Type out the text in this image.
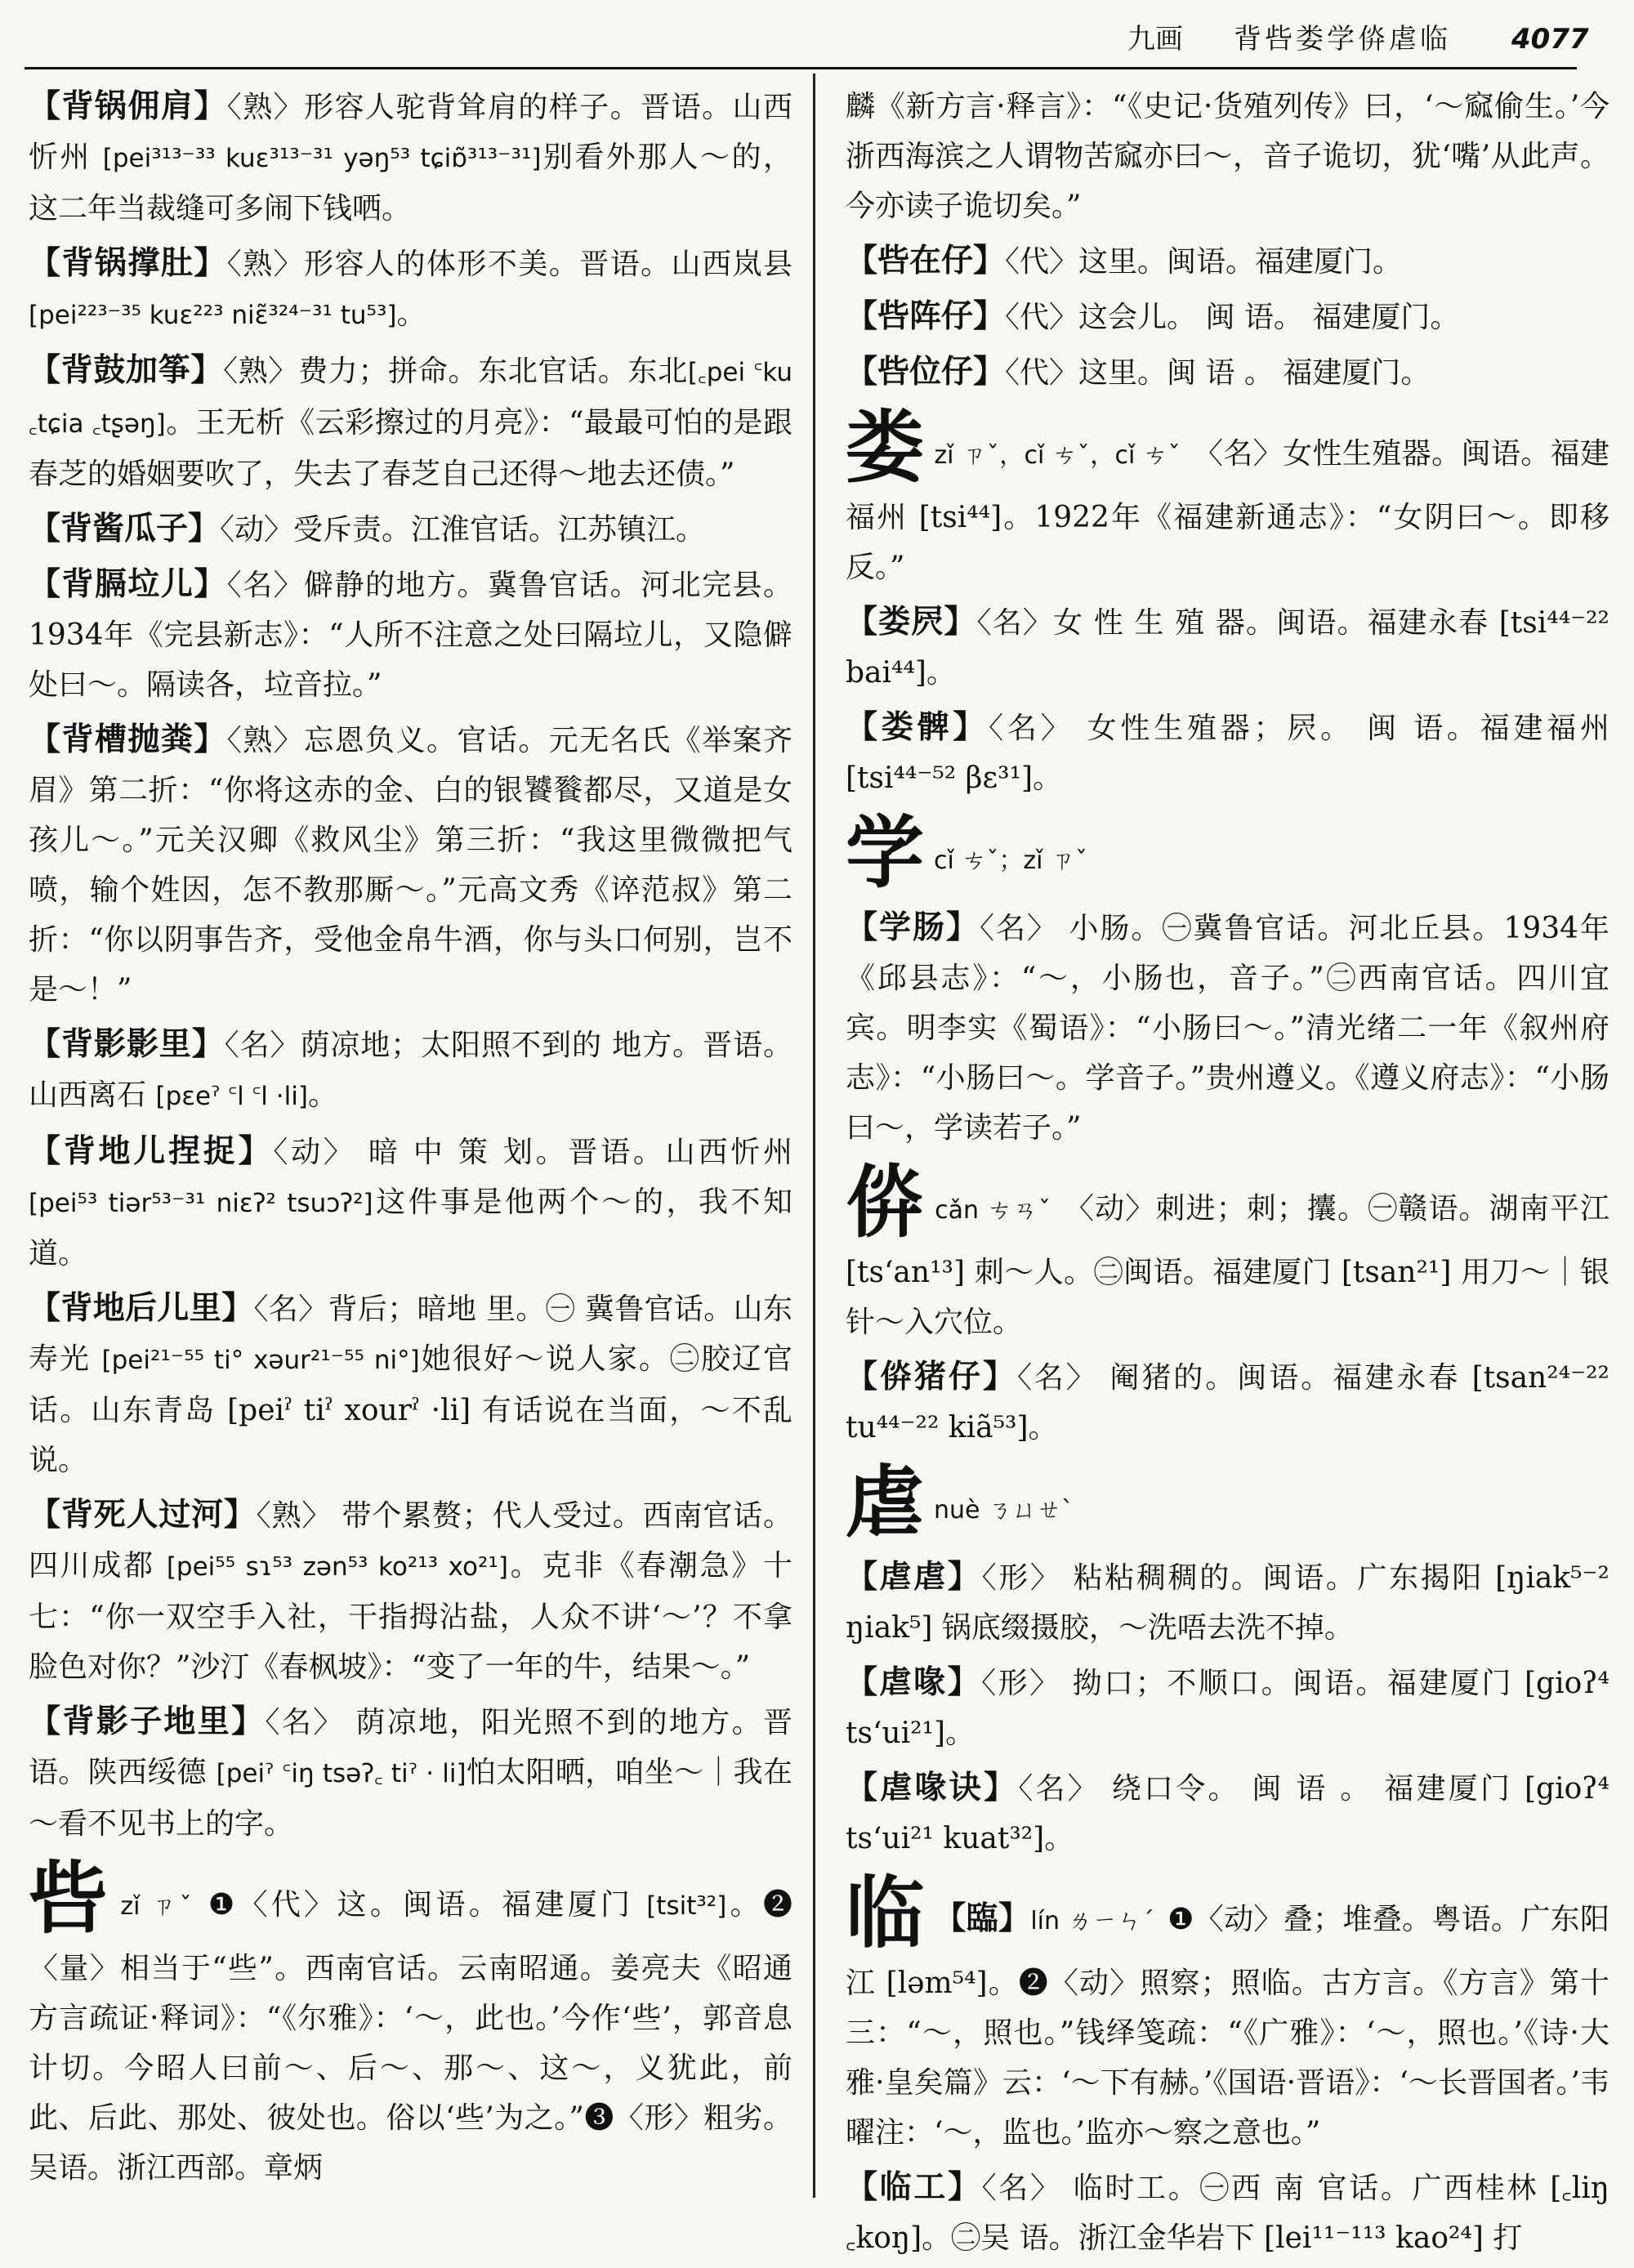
九画 背呰娄学㑞虐临 4077
【背锅佣肩】〈熟〉形容人驼背耸肩的样子。晋语。山西忻州 [pei³¹³⁻³³ kuɛ³¹³⁻³¹ yəŋ⁵³ tɕiɒ̃³¹³⁻³¹]别看外那人～的，这二年当裁缝可多闹下钱哂。
【背锅撑肚】〈熟〉形容人的体形不美。晋语。山西岚县 [pei²²³⁻³⁵ kuɛ²²³ niɛ̃³²⁴⁻³¹ tu⁵³]。
【背鼓加筝】〈熟〉费力；拼命。东北官话。东北[꜀pei ꜂ku ꜀tɕia ꜀tʂəŋ]。王无析《云彩擦过的月亮》：“最最可怕的是跟春芝的婚姻要吹了，失去了春芝自己还得～地去还债。”
【背酱瓜子】〈动〉受斥责。江淮官话。江苏镇江。
【背膈垃儿】〈名〉僻静的地方。冀鲁官话。河北完县。1934年《完县新志》：“人所不注意之处曰隔垃儿，又隐僻处曰～。隔读各，垃音拉。”
【背槽抛粪】〈熟〉忘恩负义。官话。元无名氏《举案齐眉》第二折：“你将这赤的金、白的银饕餮都尽，又道是女孩儿～。”元关汉卿《救风尘》第三折：“我这里微微把气喷，输个姓因，怎不教那厮～。”元高文秀《谇范叔》第二折：“你以阴事告齐，受他金帛牛酒，你与头口何别，岂不是～！”
【背影影里】〈名〉荫凉地；太阳照不到的 地方。晋语。山西离石 [pɛeˀ ꜂l ꜂l ·li]。
【背地儿捏捉】〈动〉 暗 中 策 划。晋语。山西忻州 [pei⁵³ tiər⁵³⁻³¹ niɛʔ² tsuɔʔ²]这件事是他两个～的，我不知道。
【背地后儿里】〈名〉背后；暗地 里。㊀ 冀鲁官话。山东寿光 [pei²¹⁻⁵⁵ ti° xəur²¹⁻⁵⁵ ni°]她很好～说人家。㊁胶辽官话。山东青岛 [peiˀ tiˀ xourˀ ·li] 有话说在当面，～不乱说。
【背死人过河】〈熟〉 带个累赘；代人受过。西南官话。四川成都 [pei⁵⁵ sɿ⁵³ zən⁵³ ko²¹³ xo²¹]。克非《春潮急》十七：“你一双空手入社，干指拇沾盐，人众不讲‘～’？不拿脸色对你？”沙汀《春枫坡》：“变了一年的牛，结果～。”
【背影子地里】〈名〉 荫凉地，阳光照不到的地方。晋语。陕西绥德 [peiˀ ꜂iŋ tsəʔ꜀ tiˀ · li]怕太阳晒，咱坐～｜我在～看不见书上的字。
呰zǐ ㄗˇ ❶〈代〉这。闽语。福建厦门 [tsit³²]。❷〈量〉相当于“些”。西南官话。云南昭通。姜亮夫《昭通方言疏证·释词》：“《尔雅》：‘～，此也。’今作‘些’，郭音息计切。今昭人曰前～、后～、那～、这～，义犹此，前此、后此、那处、彼处也。俗以‘些’为之。”❸〈形〉粗劣。吴语。浙江西部。章炳
麟《新方言·释言》：“《史记·货殖列传》曰，‘～窳偷生。’今浙西海滨之人谓物苦窳亦曰～，音子诡切，犹‘嘴’从此声。今亦读子诡切矣。”
【呰在仔】〈代〉这里。闽语。福建厦门。
【呰阵仔】〈代〉这会儿。 闽 语。 福建厦门。
【呰位仔】〈代〉这里。闽 语 。 福建厦门。
娄zǐ ㄗˇ，cǐ ㄘˇ，cǐ ㄘˇ 〈名〉女性生殖器。闽语。福建福州 [tsi⁴⁴]。1922年《福建新通志》：“女阴曰～。即移反。”
【娄屄】〈名〉女 性 生 殖 器。闽语。福建永春 [tsi⁴⁴⁻²² bai⁴⁴]。
【娄髀】〈名〉 女性生殖器；屄。 闽 语。福建福州 [tsi⁴⁴⁻⁵² βɛ³¹]。
学cǐ ㄘˇ；zǐ ㄗˇ
【学肠】〈名〉 小肠。㊀冀鲁官话。河北丘县。1934年《邱县志》：“～，小肠也，音子。”㊁西南官话。四川宜宾。明李实《蜀语》：“小肠曰～。”清光绪二一年《叙州府志》：“小肠曰～。学音子。”贵州遵义。《遵义府志》：“小肠曰～，学读若子。”
㑞cǎn ㄘㄢˇ 〈动〉刺进；刺；攮。㊀赣语。湖南平江 [ts‘an¹³] 刺～人。㊁闽语。福建厦门 [tsan²¹] 用刀～｜银针～入穴位。
【㑞猪仔】〈名〉 阉猪的。闽语。福建永春 [tsan²⁴⁻²² tu⁴⁴⁻²² kiã⁵³]。
虐nuè ㄋㄩㄝˋ
【虐虐】〈形〉 粘粘稠稠的。闽语。广东揭阳 [ŋiak⁵⁻² ŋiak⁵] 锅底缀摄胶，～洗唔去洗不掉。
【虐喙】〈形〉 拗口；不顺口。闽语。福建厦门 [gioʔ⁴ ts‘ui²¹]。
【虐喙诀】〈名〉 绕口令。 闽 语 。 福建厦门 [gioʔ⁴ ts‘ui²¹ kuat³²]。
临 【臨】lín ㄌㄧㄣˊ ❶〈动〉叠；堆叠。粤语。广东阳江 [ləm⁵⁴]。❷〈动〉照察；照临。古方言。《方言》第十三：“～，照也。”钱绎笺疏：“《广雅》：‘～，照也。’《诗·大雅·皇矣篇》云：‘～下有赫。’《国语·晋语》：‘～长晋国者。’韦曜注：‘～，监也。’监亦～察之意也。”
【临工】〈名〉 临时工。㊀西 南 官话。广西桂林 [꜀liŋ ꜀koŋ]。㊁吴 语。浙江金华岩下 [lei¹¹⁻¹¹³ kao²⁴] 打
